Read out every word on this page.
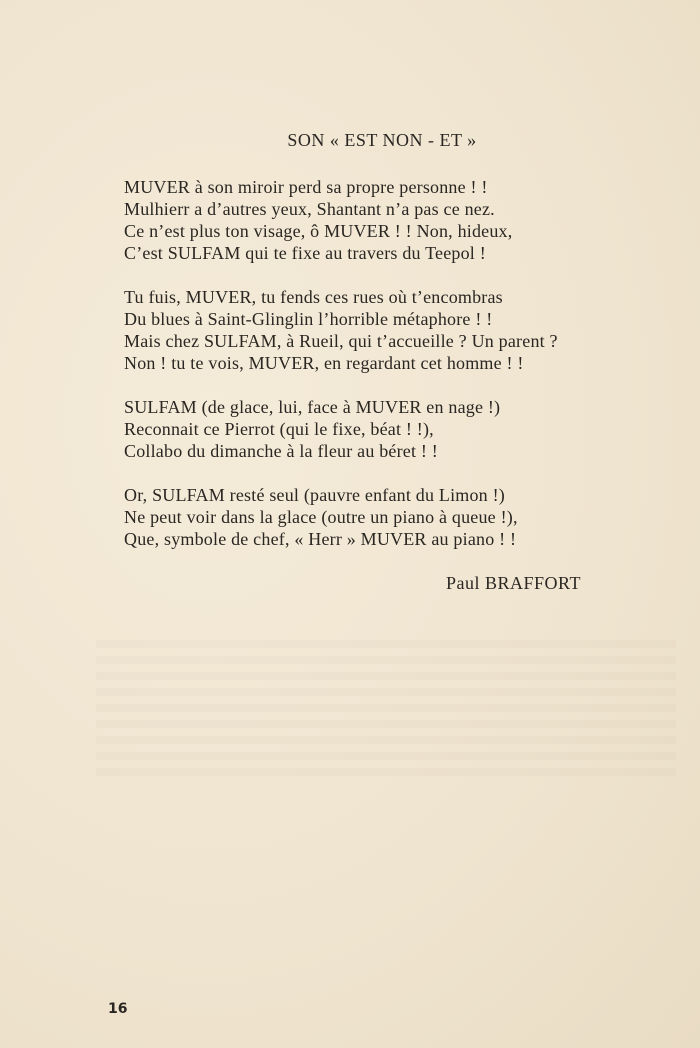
SON « EST NON - ET »
MUVER à son miroir perd sa propre personne ! !
Mulhierr a d’autres yeux, Shantant n’a pas ce nez.
Ce n’est plus ton visage, ô MUVER ! ! Non, hideux,
C’est SULFAM qui te fixe au travers du Teepol !
Tu fuis, MUVER, tu fends ces rues où t’encombras
Du blues à Saint-Glinglin l’horrible métaphore ! !
Mais chez SULFAM, à Rueil, qui t’accueille ? Un parent ?
Non ! tu te vois, MUVER, en regardant cet homme ! !
SULFAM (de glace, lui, face à MUVER en nage !)
Reconnait ce Pierrot (qui le fixe, béat ! !),
Collabo du dimanche à la fleur au béret ! !
Or, SULFAM resté seul (pauvre enfant du Limon !)
Ne peut voir dans la glace (outre un piano à queue !),
Que, symbole de chef, « Herr » MUVER au piano ! !
Paul BRAFFORT
16
